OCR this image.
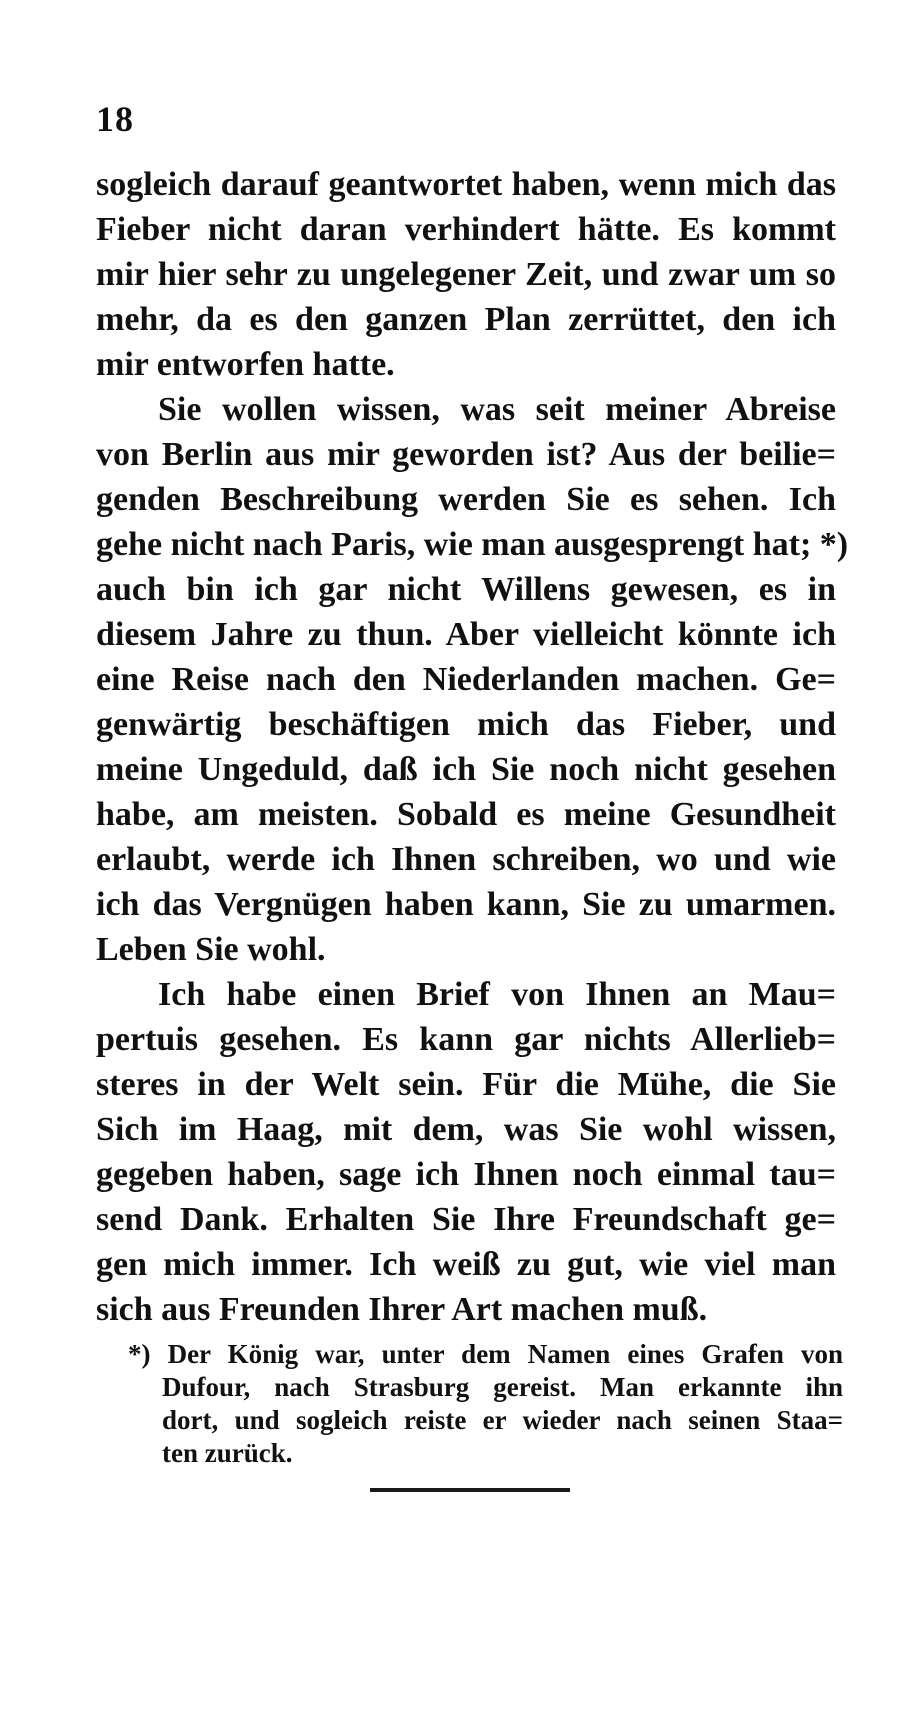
18
sogleich darauf geantwortet haben, wenn mich das
Fieber nicht daran verhindert hätte. Es kommt
mir hier sehr zu ungelegener Zeit, und zwar um so
mehr, da es den ganzen Plan zerrüttet, den ich
mir entworfen hatte.
Sie wollen wissen, was seit meiner Abreise
von Berlin aus mir geworden ist? Aus der beilie=
genden Beschreibung werden Sie es sehen. Ich
gehe nicht nach Paris, wie man ausgesprengt hat; *)
auch bin ich gar nicht Willens gewesen, es in
diesem Jahre zu thun. Aber vielleicht könnte ich
eine Reise nach den Niederlanden machen. Ge=
genwärtig beschäftigen mich das Fieber, und
meine Ungeduld, daß ich Sie noch nicht gesehen
habe, am meisten. Sobald es meine Gesundheit
erlaubt, werde ich Ihnen schreiben, wo und wie
ich das Vergnügen haben kann, Sie zu umarmen.
Leben Sie wohl.
Ich habe einen Brief von Ihnen an Mau=
pertuis gesehen. Es kann gar nichts Allerlieb=
steres in der Welt sein. Für die Mühe, die Sie
Sich im Haag, mit dem, was Sie wohl wissen,
gegeben haben, sage ich Ihnen noch einmal tau=
send Dank. Erhalten Sie Ihre Freundschaft ge=
gen mich immer. Ich weiß zu gut, wie viel man
sich aus Freunden Ihrer Art machen muß.
*) Der König war, unter dem Namen eines Grafen von
Dufour, nach Strasburg gereist. Man erkannte ihn
dort, und sogleich reiste er wieder nach seinen Staa=
ten zurück.
